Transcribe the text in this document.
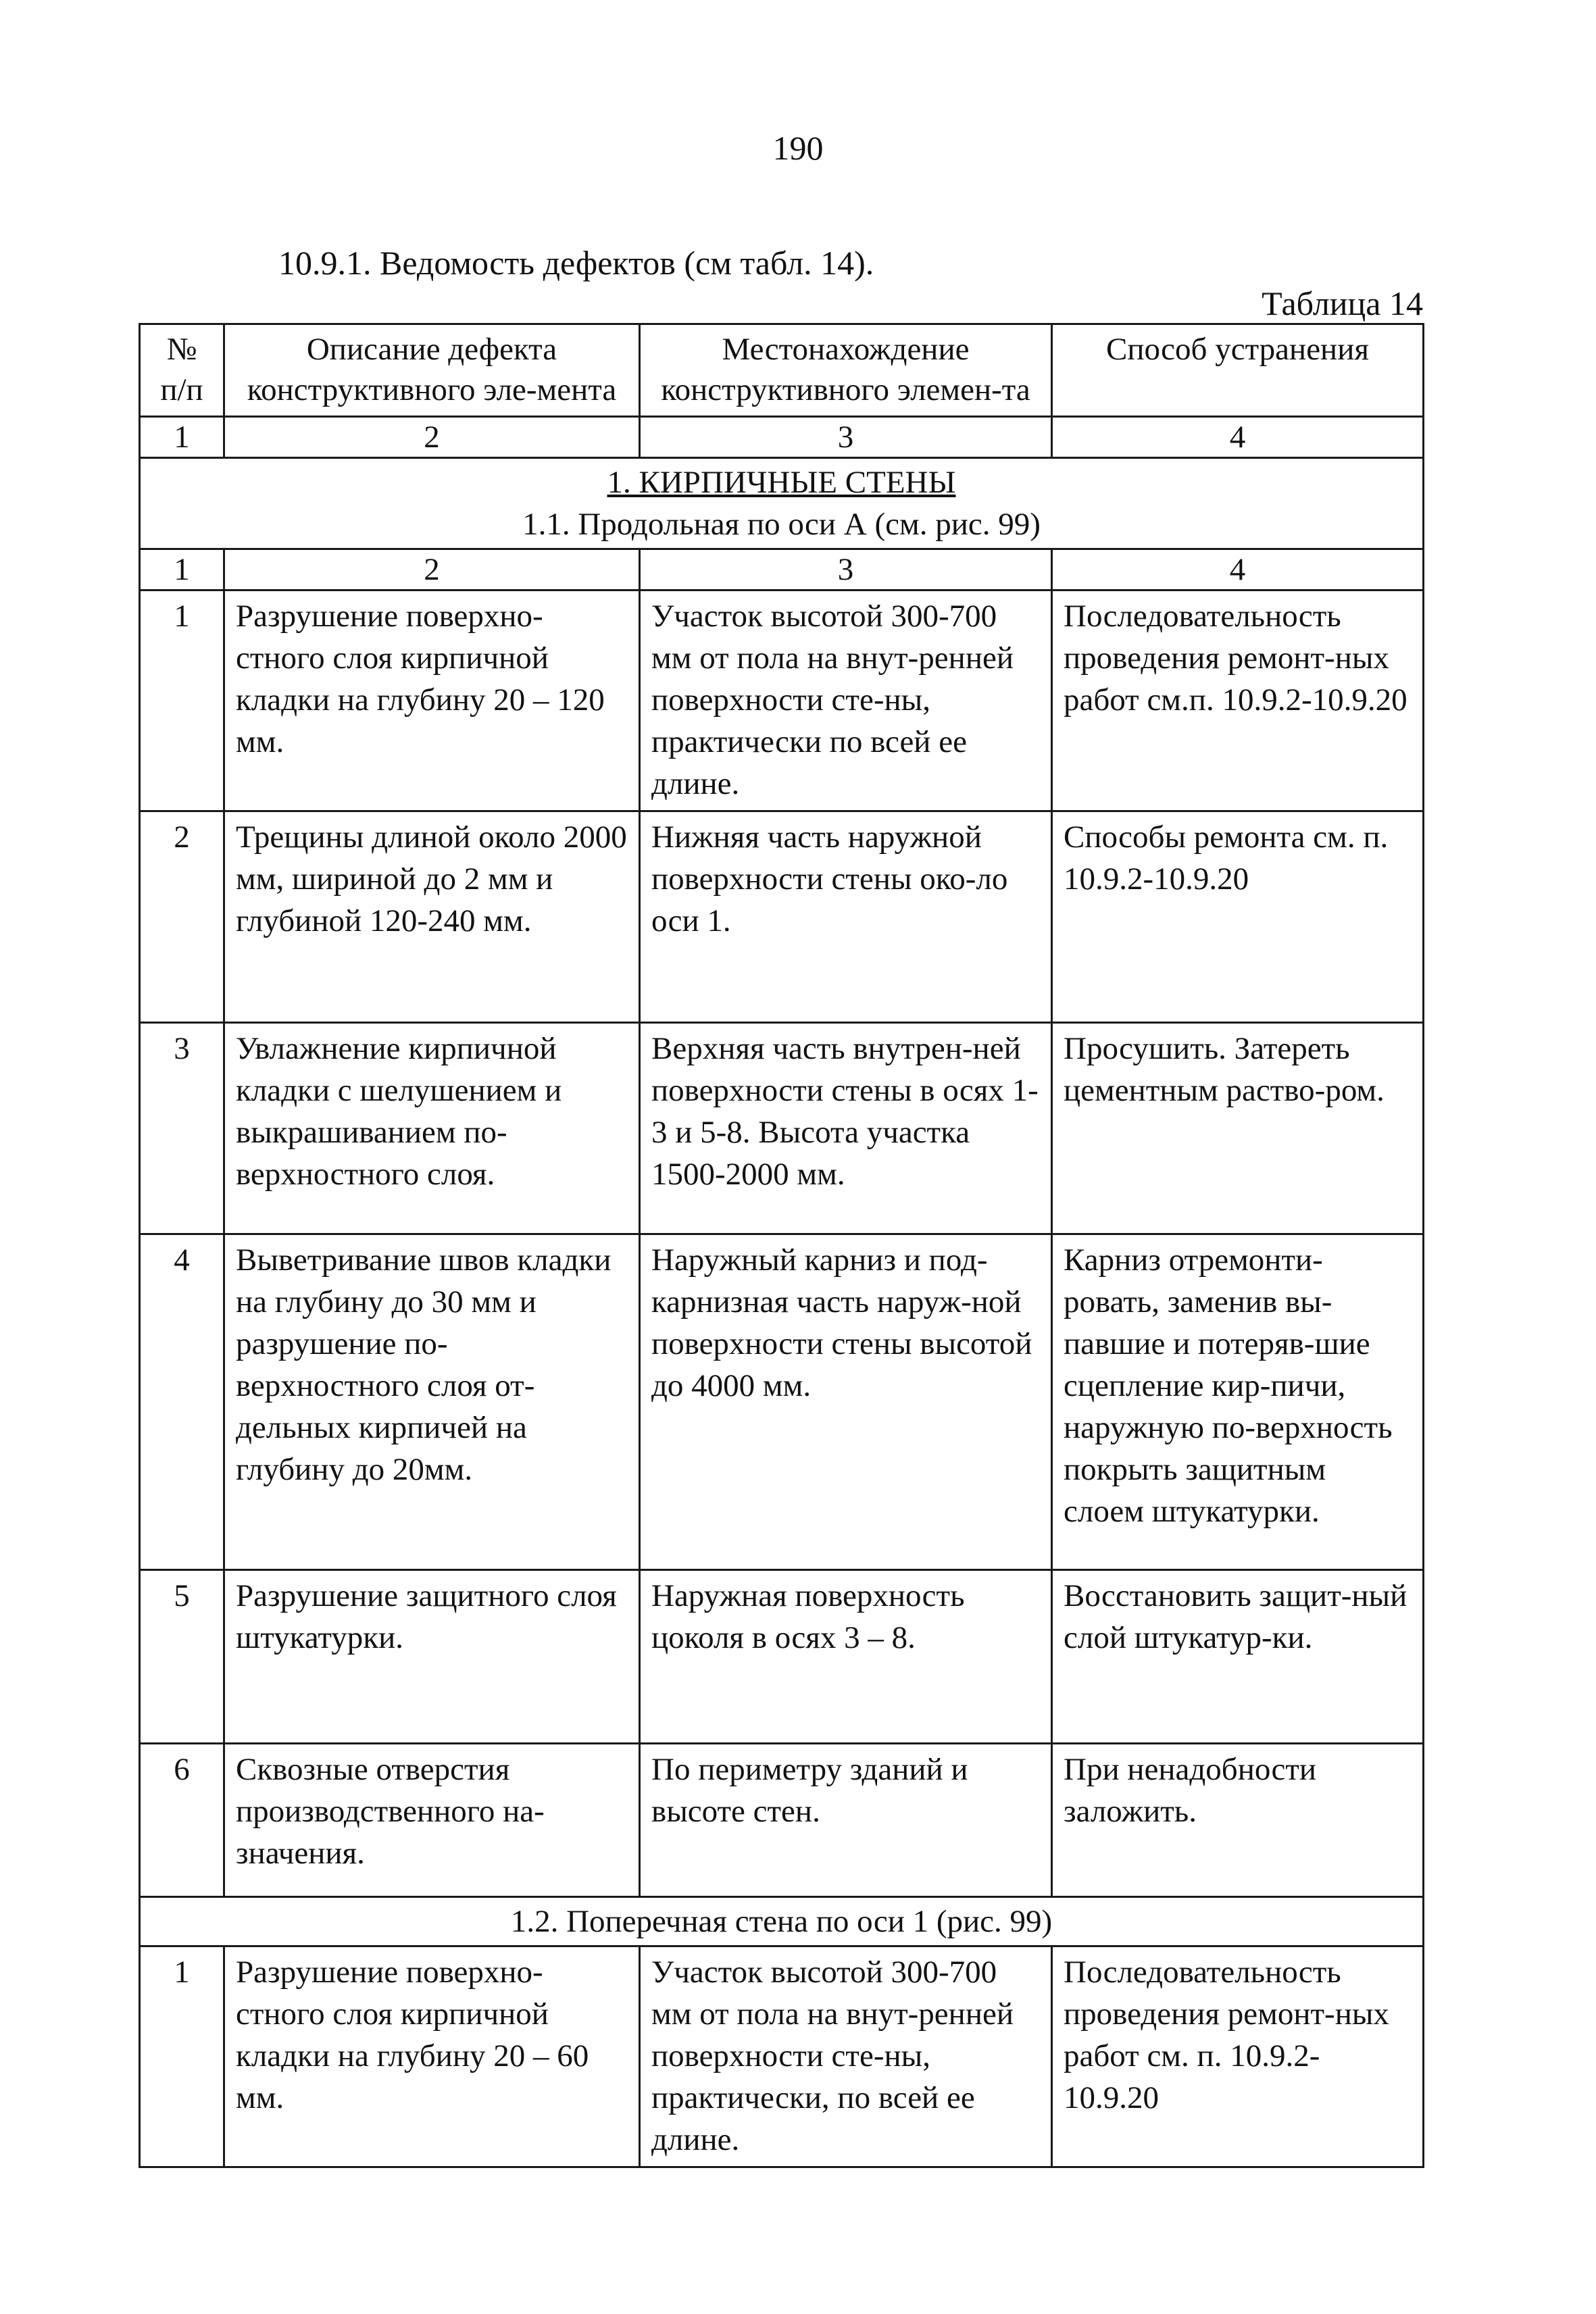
190
10.9.1. Ведомость дефектов (см табл. 14).
Таблица 14
№ п/п	Описание дефекта конструктивного эле-мента	Местонахождение конструктивного элемен-та	Способ устранения
1	2	3	4

1. КИРПИЧНЫЕ СТЕНЫ
1.1. Продольная по оси А (см. рис. 99)			

1	2	3	4
1	Разрушение поверхно-стного слоя кирпичной кладки на глубину 20 – 120 мм.	Участок высотой 300-700 мм от пола на внут-ренней поверхности сте-ны, практически по всей ее длине.	Последовательность проведения ремонт-ных работ см.п. 10.9.2-10.9.20
2	Трещины длиной около 2000 мм, шириной до 2 мм и глубиной 120-240 мм.	Нижняя часть наружной поверхности стены око-ло оси 1.	Способы ремонта см. п. 10.9.2-10.9.20
3	Увлажнение кирпичной кладки с шелушением и выкрашиванием по-верхностного слоя.	Верхняя часть внутрен-ней поверхности стены в осях 1-3 и 5-8. Высота участка 1500-2000 мм.	Просушить. Затереть цементным раство-ром.
4	Выветривание швов кладки на глубину до 30 мм и разрушение по-верхностного слоя от-дельных кирпичей на глубину до 20мм.	Наружный карниз и под-карнизная часть наруж-ной поверхности стены высотой до 4000 мм.	Карниз отремонти-ровать, заменив вы-павшие и потеряв-шие сцепление кир-пичи, наружную по-верхность покрыть защитным слоем штукатурки.
5	Разрушение защитного слоя штукатурки.	Наружная поверхность цоколя в осях 3 – 8.	Восстановить защит-ный слой штукатур-ки.
6	Сквозные отверстия производственного на-значения.	По периметру зданий и высоте стен.	При ненадобности заложить.
1.2. Поперечная стена по оси 1 (рис. 99)			
1	Разрушение поверхно-стного слоя кирпичной кладки на глубину 20 – 60 мм.	Участок высотой 300-700 мм от пола на внут-ренней поверхности сте-ны, практически, по всей ее длине.	Последовательность проведения ремонт-ных работ см. п. 10.9.2-10.9.20
